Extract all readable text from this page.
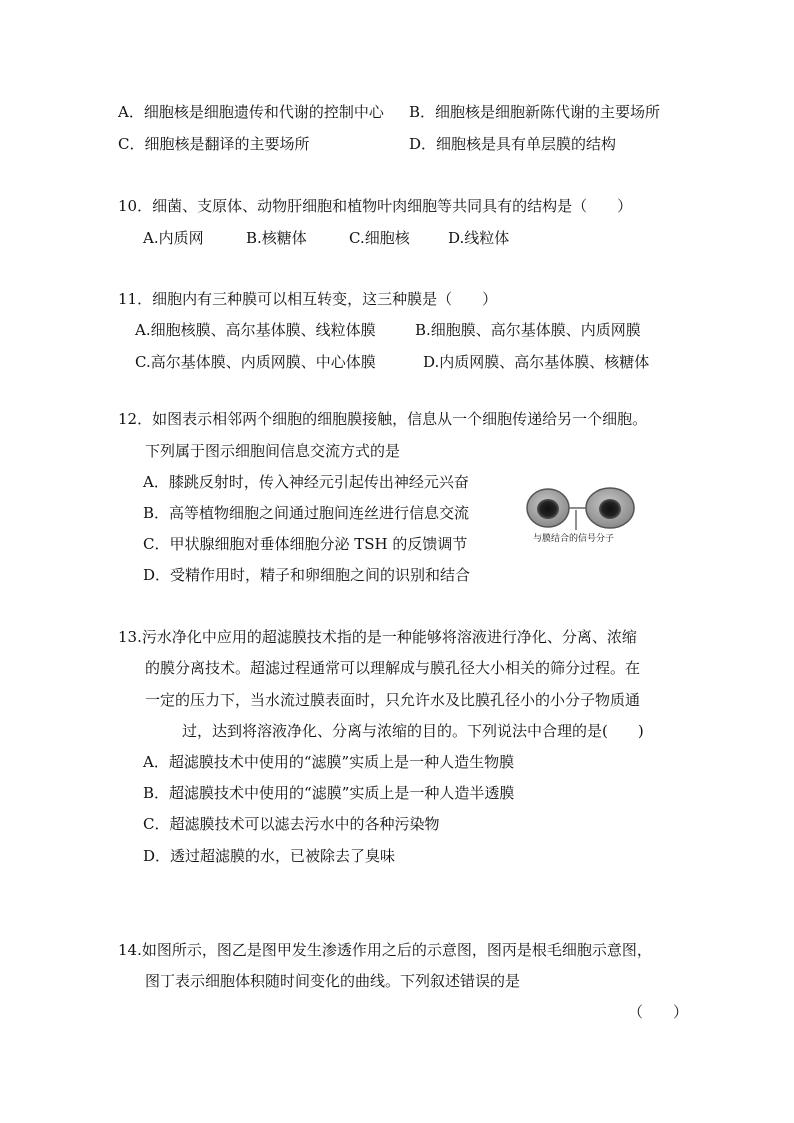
A．细胞核是细胞遗传和代谢的控制中心 B．细胞核是细胞新陈代谢的主要场所
C．细胞核是翻译的主要场所	D．细胞核是具有单层膜的结构
10．细菌、支原体、动物肝细胞和植物叶肉细胞等共同具有的结构是（　　）
A.内质网	B.核糖体	C.细胞核	D.线粒体
11．细胞内有三种膜可以相互转变，这三种膜是（　　）
A.细胞核膜、高尔基体膜、线粒体膜	B.细胞膜、高尔基体膜、内质网膜
C.高尔基体膜、内质网膜、中心体膜	D.内质网膜、高尔基体膜、核糖体
12．如图表示相邻两个细胞的细胞膜接触，信息从一个细胞传递给另一个细胞。
下列属于图示细胞间信息交流方式的是
A．膝跳反射时，传入神经元引起传出神经元兴奋
B．高等植物细胞之间通过胞间连丝进行信息交流
C．甲状腺细胞对垂体细胞分泌 TSH 的反馈调节
D．受精作用时，精子和卵细胞之间的识别和结合
与膜结合的信号分子
13.污水净化中应用的超滤膜技术指的是一种能够将溶液进行净化、分离、浓缩
的膜分离技术。超滤过程通常可以理解成与膜孔径大小相关的筛分过程。在
一定的压力下，当水流过膜表面时，只允许水及比膜孔径小的小分子物质通
过，达到将溶液净化、分离与浓缩的目的。下列说法中合理的是(　　)
A．超滤膜技术中使用的“滤膜”实质上是一种人造生物膜
B．超滤膜技术中使用的“滤膜”实质上是一种人造半透膜
C．超滤膜技术可以滤去污水中的各种污染物
D．透过超滤膜的水，已被除去了臭味
14.如图所示，图乙是图甲发生渗透作用之后的示意图，图丙是根毛细胞示意图，
图丁表示细胞体积随时间变化的曲线。下列叙述错误的是
（　　）
